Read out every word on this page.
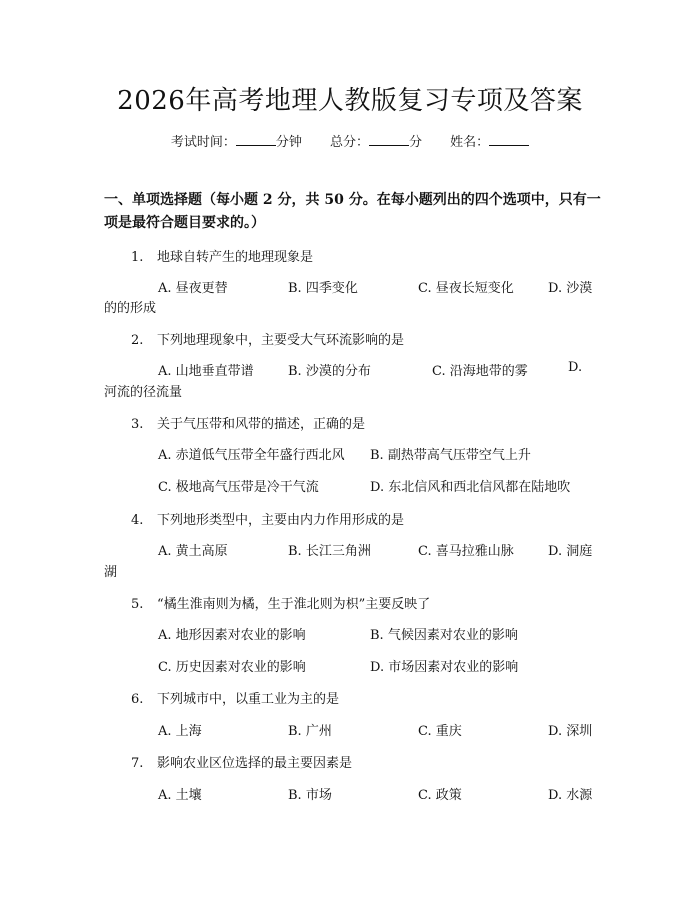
2026年高考地理人教版复习专项及答案
考试时间：	分钟 总分：	分 姓名：
一、单项选择题（每小题 2 分，共 50 分。在每小题列出的四个选项中，只有一项是最符合题目要求的。）
1. 地球自转产生的地理现象是
A. 昼夜更替	B. 四季变化	C. 昼夜长短变化	D. 沙漠
的的形成
2. 下列地理现象中，主要受大气环流影响的是
A. 山地垂直带谱	B. 沙漠的分布	C. 沿海地带的雾	D.
河流的径流量
3. 关于气压带和风带的描述，正确的是
A. 赤道低气压带全年盛行西北风 B. 副热带高气压带空气上升
C. 极地高气压带是冷干气流	D. 东北信风和西北信风都在陆地吹
4. 下列地形类型中，主要由内力作用形成的是
A. 黄土高原	B. 长江三角洲	C. 喜马拉雅山脉	D. 洞庭
湖
5. “橘生淮南则为橘，生于淮北则为枳”主要反映了
A. 地形因素对农业的影响	B. 气候因素对农业的影响
C. 历史因素对农业的影响	D. 市场因素对农业的影响
6. 下列城市中，以重工业为主的是
A. 上海	B. 广州	C. 重庆	D. 深圳
7. 影响农业区位选择的最主要因素是
A. 土壤	B. 市场	C. 政策	D. 水源
